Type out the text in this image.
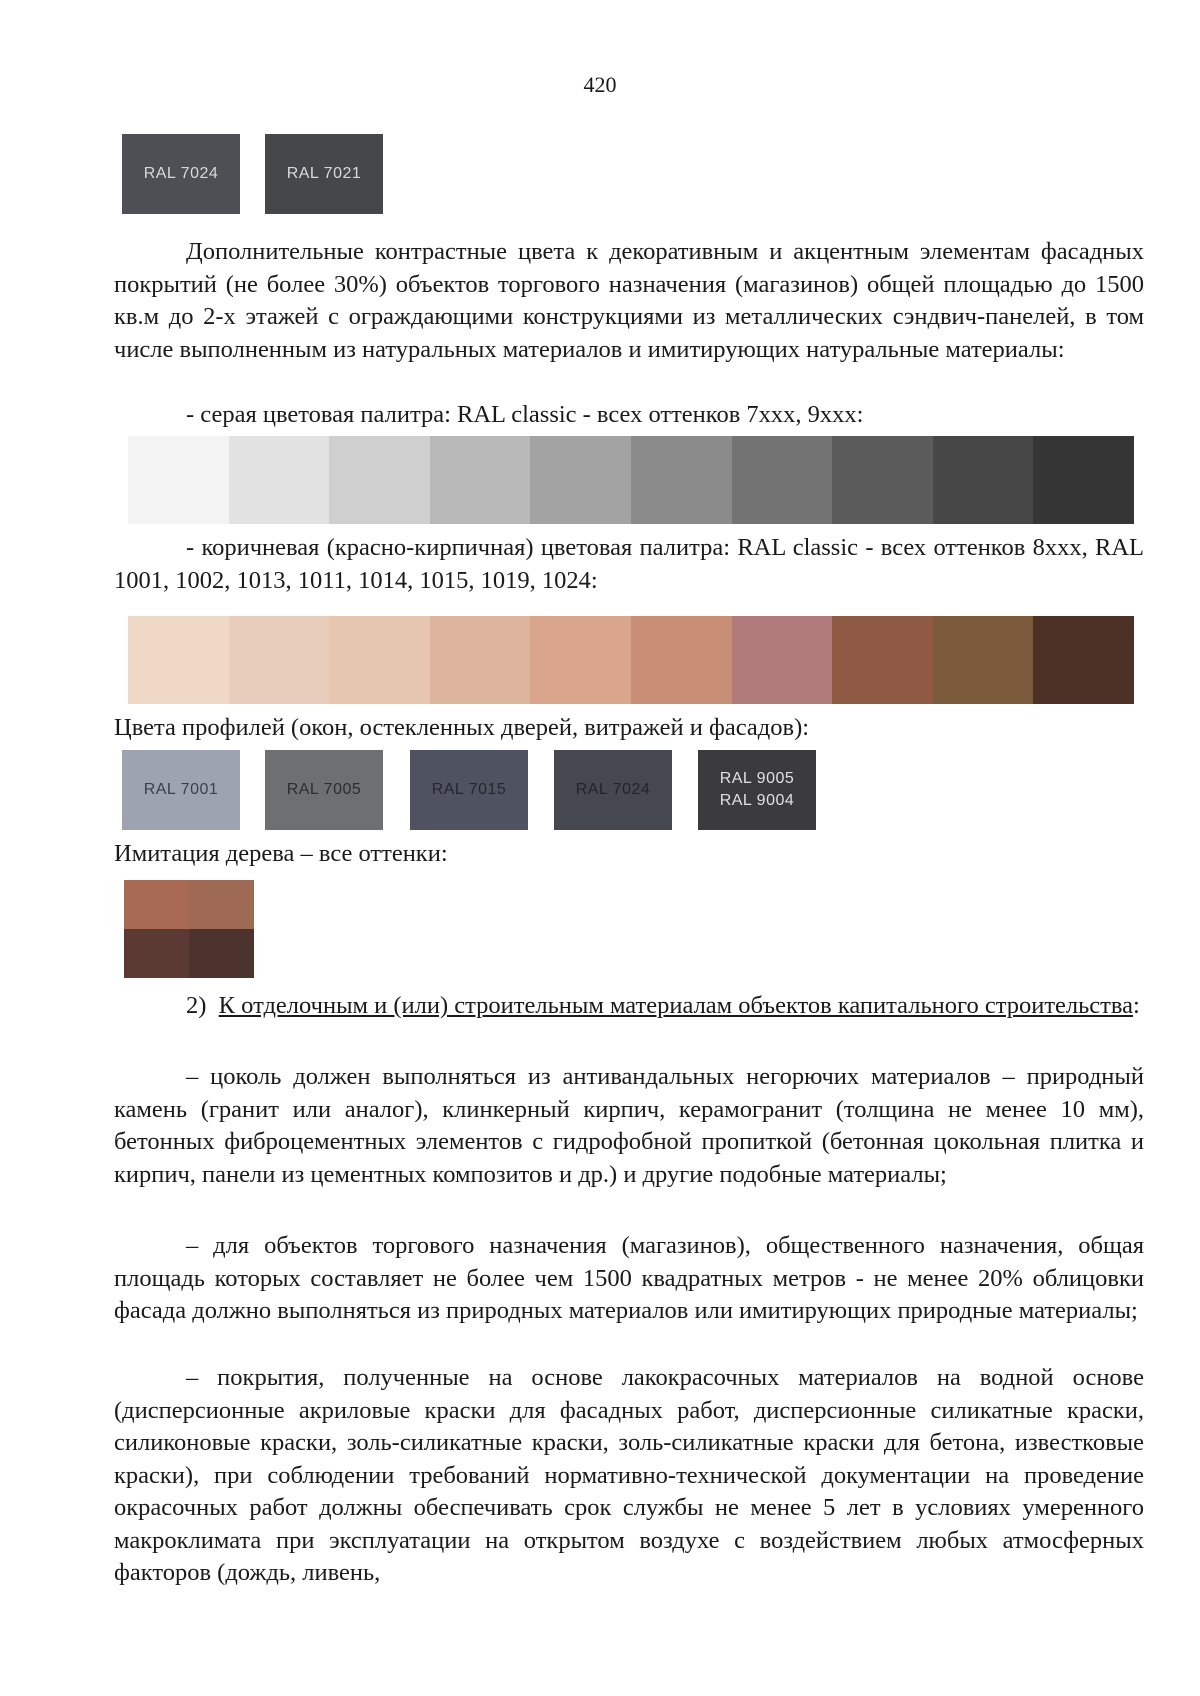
420
RAL 7024	RAL 7021
Дополнительные контрастные цвета к декоративным и акцентным элементам фасадных покрытий (не более 30%) объектов торгового назначения (магазинов) общей площадью до 1500 кв.м до 2-х этажей с ограждающими конструкциями из металлических сэндвич-панелей, в том числе выполненным из натуральных материалов и имитирующих натуральные материалы:
- серая цветовая палитра: RAL classic - всех оттенков 7ххх, 9ххх:
- коричневая (красно-кирпичная) цветовая палитра: RAL classic - всех оттенков 8ххх, RAL 1001, 1002, 1013, 1011, 1014, 1015, 1019, 1024:
Цвета профилей (окон, остекленных дверей, витражей и фасадов):
RAL 7001	RAL 7005	RAL 7015	RAL 7024
RAL 9005
RAL 9004
Имитация дерева – все оттенки:
2) К отделочным и (или) строительным материалам объектов капитального строительства:
– цоколь должен выполняться из антивандальных негорючих материалов – природный камень (гранит или аналог), клинкерный кирпич, керамогранит (толщина не менее 10 мм), бетонных фиброцементных элементов с гидрофобной пропиткой (бетонная цокольная плитка и кирпич, панели из цементных композитов и др.) и другие подобные материалы;
– для объектов торгового назначения (магазинов), общественного назначения, общая площадь которых составляет не более чем 1500 квадратных метров - не менее 20% облицовки фасада должно выполняться из природных материалов или имитирующих природные материалы;
– покрытия, полученные на основе лакокрасочных материалов на водной основе (дисперсионные акриловые краски для фасадных работ, дисперсионные силикатные краски, силиконовые краски, золь-силикатные краски, золь-силикатные краски для бетона, известковые краски), при соблюдении требований нормативно-технической документации на проведение окрасочных работ должны обеспечивать срок службы не менее 5 лет в условиях умеренного макроклимата при эксплуатации на открытом воздухе с воздействием любых атмосферных факторов (дождь, ливень,
